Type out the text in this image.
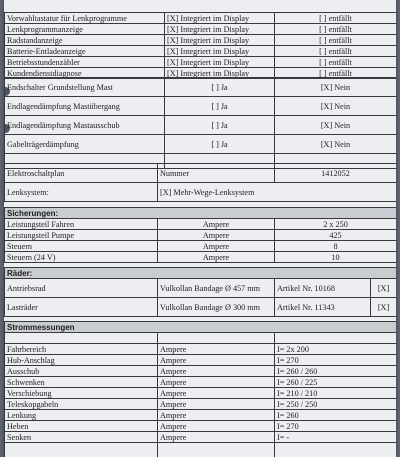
Vorwahltastatur für Lenkprogramme	[X] Integriert im Display	[ ] entfällt
Lenkprogrammanzeige	[X] Integriert im Display	[ ] entfällt
Radstandanzeige	[X] Integriert im Display	[ ] entfällt
Batterie-Entladeanzeige	[X] Integriert im Display	[ ] entfällt
Betriebsstundenzähler	[X] Integriert im Display	[ ] entfällt
Kundendienstdiagnose	[X] Integriert im Display	[ ] entfällt
Endschalter Grundstellung Mast	[ ] Ja	[X] Nein
Endlagendämpfung Mastübergang	[ ] Ja	[X] Nein
Endlagendämpfung Mastausschub	[ ] Ja	[X] Nein
Gabelträgerdämpfung	[ ] Ja	[X] Nein

Elektroschaltplan	Nummer	1412052
Lenksystem:	[X] Mehr-Wege-Lenksystem	
Sicherungen:		
Leistungsteil Fahren	Ampere	2 x 250
Leistungsteil Pumpe	Ampere	425
Steuern	Ampere	8
Steuern (24 V)	Ampere	10
Räder:			
Antriebsrad	Vulkollan Bandage Ø 457 mm	Artikel Nr. 10168	[X]
Lasträder	Vulkollan Bandage Ø 300 mm	Artikel Nr. 11343	[X]
Strommessungen		

Fahrbereich	Ampere	I= 2x 200
Hub-Anschlag	Ampere	I= 270
Ausschub	Ampere	I= 260 / 260
Schwenken	Ampere	I= 260 / 225
Verschiebung	Ampere	I= 210 / 210
Teleskopgabeln	Ampere	I= 250 / 250
Lenkung	Ampere	I= 260
Heben	Ampere	I= 270
Senken	Ampere	I= -
